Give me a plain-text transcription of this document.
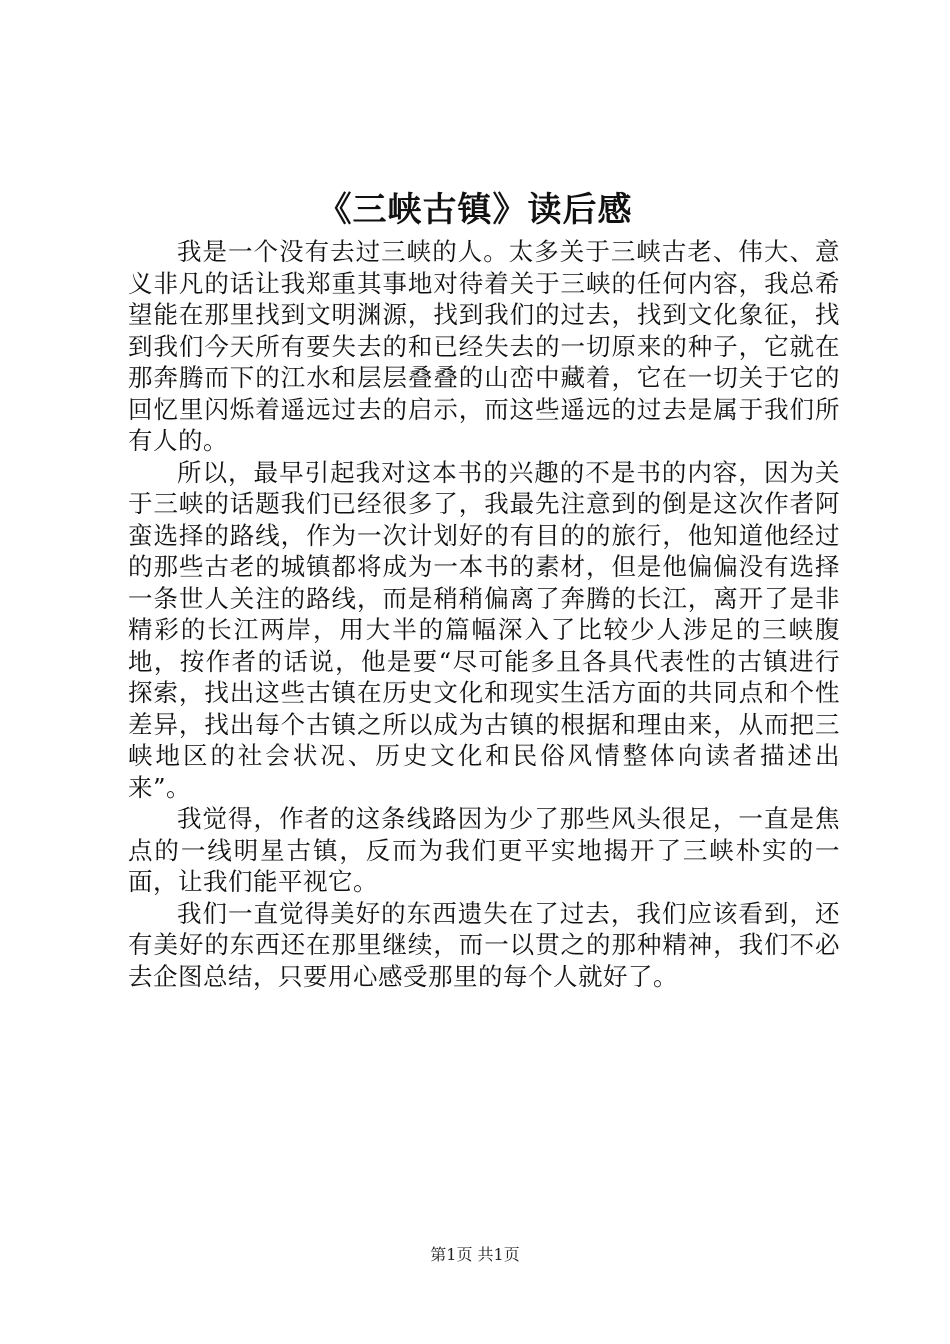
《三峡古镇》读后感

我是一个没有去过三峡的人。太多关于三峡古老、伟大、意义非凡的话让我郑重其事地对待着关于三峡的任何内容，我总希望能在那里找到文明渊源，找到我们的过去，找到文化象征，找到我们今天所有要失去的和已经失去的一切原来的种子，它就在那奔腾而下的江水和层层叠叠的山峦中藏着，它在一切关于它的回忆里闪烁着遥远过去的启示，而这些遥远的过去是属于我们所有人的。

所以，最早引起我对这本书的兴趣的不是书的内容，因为关于三峡的话题我们已经很多了，我最先注意到的倒是这次作者阿蛮选择的路线，作为一次计划好的有目的的旅行，他知道他经过的那些古老的城镇都将成为一本书的素材，但是他偏偏没有选择一条世人关注的路线，而是稍稍偏离了奔腾的长江，离开了是非精彩的长江两岸，用大半的篇幅深入了比较少人涉足的三峡腹地，按作者的话说，他是要“尽可能多且各具代表性的古镇进行探索，找出这些古镇在历史文化和现实生活方面的共同点和个性差异，找出每个古镇之所以成为古镇的根据和理由来，从而把三峡地区的社会状况、历史文化和民俗风情整体向读者描述出来”。

我觉得，作者的这条线路因为少了那些风头很足，一直是焦点的一线明星古镇，反而为我们更平实地揭开了三峡朴实的一面，让我们能平视它。

我们一直觉得美好的东西遗失在了过去，我们应该看到，还有美好的东西还在那里继续，而一以贯之的那种精神，我们不必去企图总结，只要用心感受那里的每个人就好了。

第1页 共1页
